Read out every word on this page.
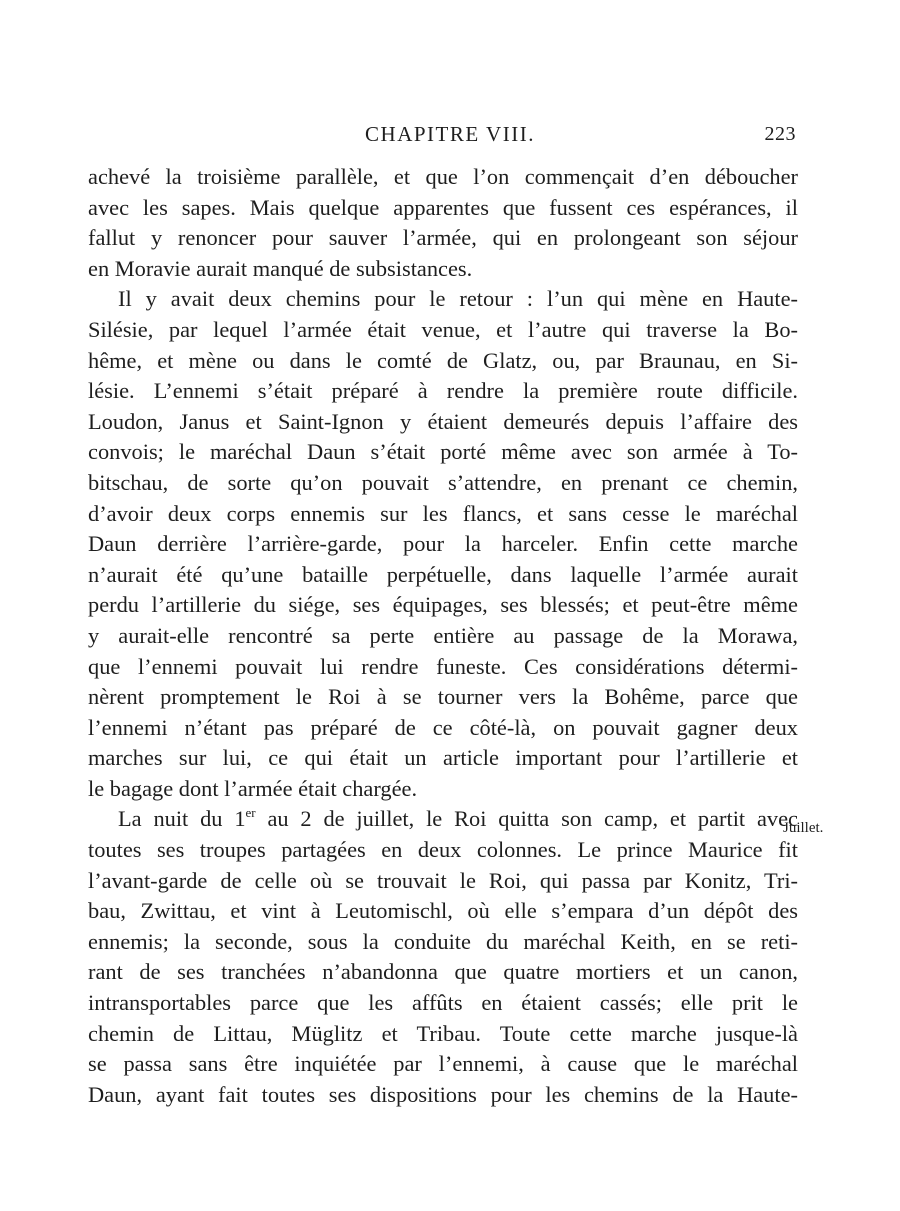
CHAPITRE VIII.	223

achevé la troisième parallèle, et que l’on commençait d’en déboucher

avec les sapes. Mais quelque apparentes que fussent ces espérances, il

fallut y renoncer pour sauver l’armée, qui en prolongeant son séjour

en Moravie aurait manqué de subsistances.

Il y avait deux chemins pour le retour : l’un qui mène en Haute-

Silésie, par lequel l’armée était venue, et l’autre qui traverse la Bo-

hême, et mène ou dans le comté de Glatz, ou, par Braunau, en Si-

lésie. L’ennemi s’était préparé à rendre la première route difficile.

Loudon, Janus et Saint-Ignon y étaient demeurés depuis l’affaire des

convois; le maréchal Daun s’était porté même avec son armée à To-

bitschau, de sorte qu’on pouvait s’attendre, en prenant ce chemin,

d’avoir deux corps ennemis sur les flancs, et sans cesse le maréchal

Daun derrière l’arrière-garde, pour la harceler. Enfin cette marche

n’aurait été qu’une bataille perpétuelle, dans laquelle l’armée aurait

perdu l’artillerie du siége, ses équipages, ses blessés; et peut-être même

y aurait-elle rencontré sa perte entière au passage de la Morawa,

que l’ennemi pouvait lui rendre funeste. Ces considérations détermi-

nèrent promptement le Roi à se tourner vers la Bohême, parce que

l’ennemi n’étant pas préparé de ce côté-là, on pouvait gagner deux

marches sur lui, ce qui était un article important pour l’artillerie et

le bagage dont l’armée était chargée.

La nuit du 1er au 2 de juillet, le Roi quitta son camp, et partit avec

toutes ses troupes partagées en deux colonnes. Le prince Maurice fit

l’avant-garde de celle où se trouvait le Roi, qui passa par Konitz, Tri-

bau, Zwittau, et vint à Leutomischl, où elle s’empara d’un dépôt des

ennemis; la seconde, sous la conduite du maréchal Keith, en se reti-

rant de ses tranchées n’abandonna que quatre mortiers et un canon,

intransportables parce que les affûts en étaient cassés; elle prit le

chemin de Littau, Müglitz et Tribau. Toute cette marche jusque-là

se passa sans être inquiétée par l’ennemi, à cause que le maréchal

Daun, ayant fait toutes ses dispositions pour les chemins de la Haute-

Juillet.
